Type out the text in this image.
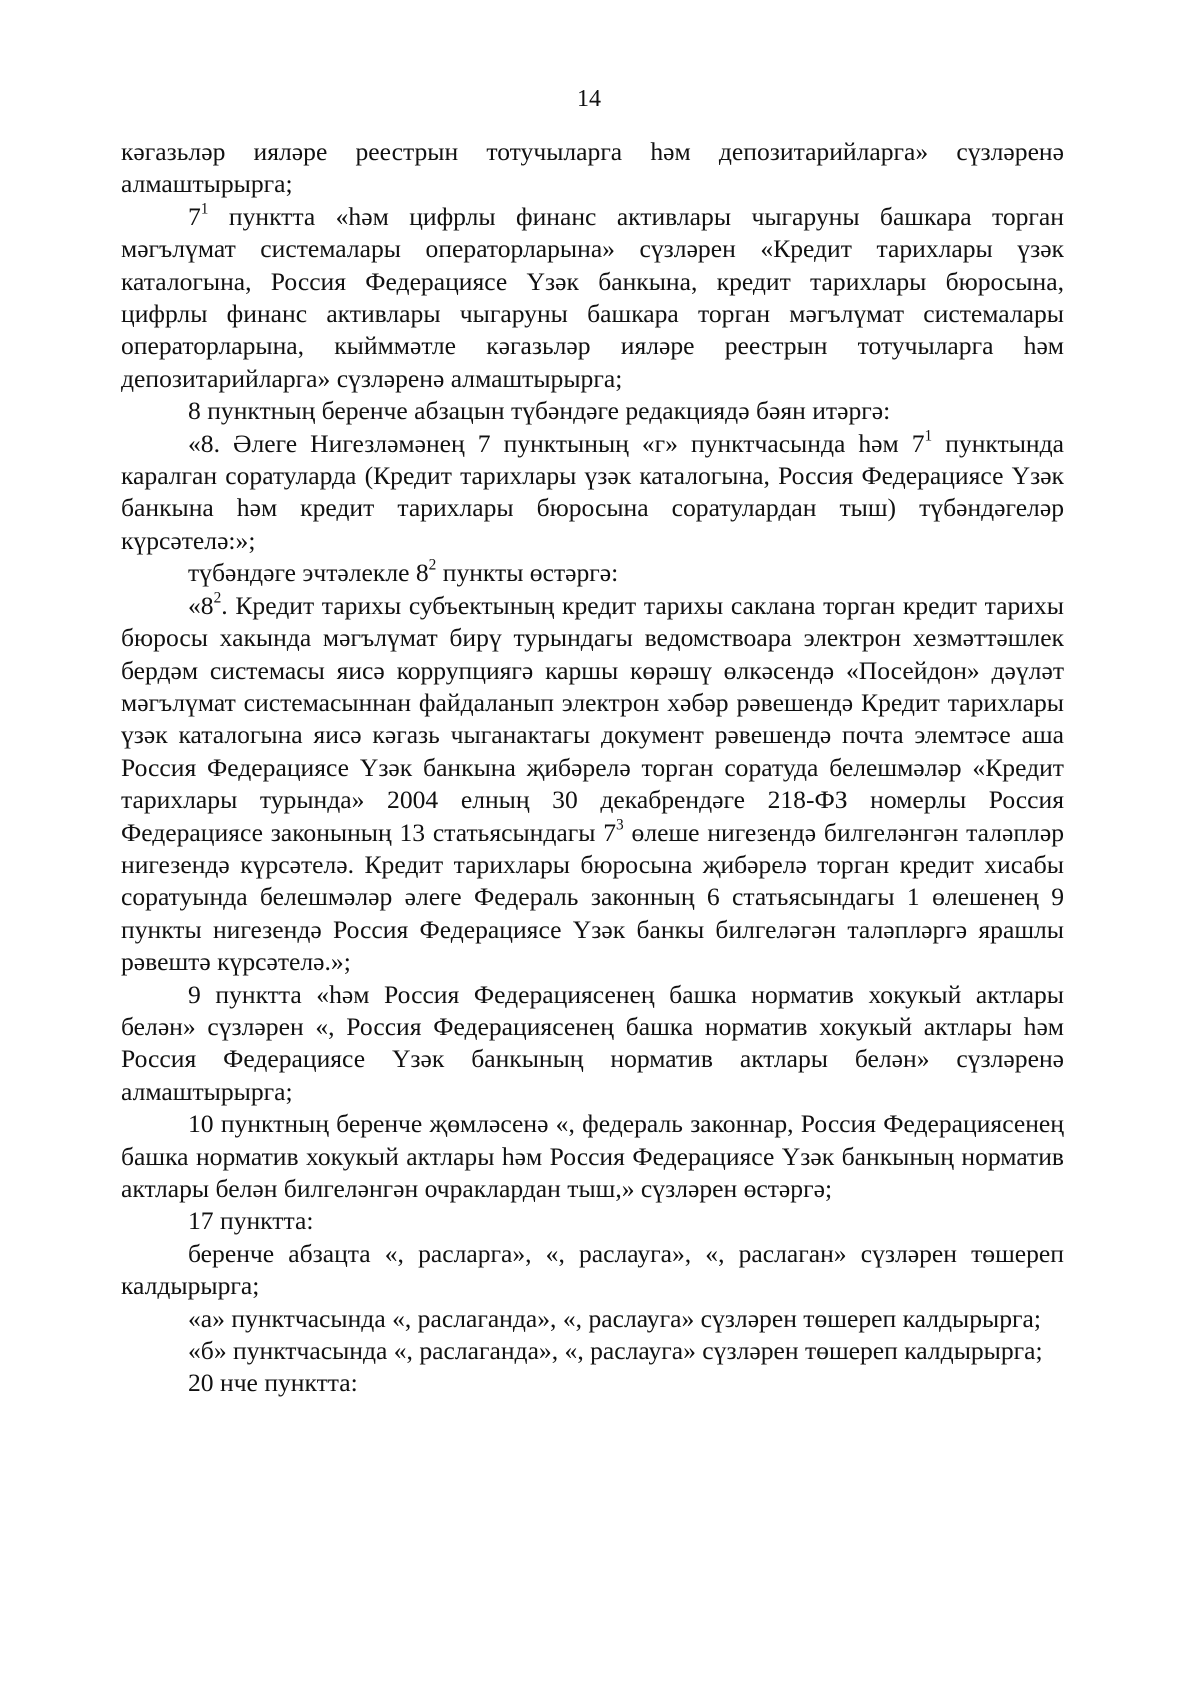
14

кәгазьләр ияләре реестрын тотучыларга һәм депозитарийларга» сүзләренә алмаштырырга;

$7^1$ пунктта «һәм цифрлы финанс активлары чыгаруны башкара торган мәгълүмат системалары операторларына» сүзләрен «Кредит тарихлары үзәк каталогына, Россия Федерациясе Үзәк банкына, кредит тарихлары бюросына, цифрлы финанс активлары чыгаруны башкара торган мәгълүмат системалары операторларына, кыйммәтле кәгазьләр ияләре реестрын тотучыларга һәм депозитарийларга» сүзләренә алмаштырырга;

8 пунктның беренче абзацын түбәндәге редакциядә бәян итәргә:

«8. Әлеге Нигезләмәнең 7 пунктының «г» пунктчасында һәм $7^1$ пунктында каралган соратуларда (Кредит тарихлары үзәк каталогына, Россия Федерациясе Үзәк банкына һәм кредит тарихлары бюросына соратулардан тыш) түбәндәгеләр күрсәтелә:»;

түбәндәге эчтәлекле $8^2$ пункты өстәргә:

«$8^2$. Кредит тарихы субъектының кредит тарихы саклана торган кредит тарихы бюросы хакында мәгълүмат бирү турындагы ведомствоара электрон хезмәттәшлек бердәм системасы яисә коррупциягә каршы көрәшү өлкәсендә «Посейдон» дәүләт мәгълүмат системасыннан файдаланып электрон хәбәр рәвешендә Кредит тарихлары үзәк каталогына яисә кәгазь чыганактагы документ рәвешендә почта элемтәсе аша Россия Федерациясе Үзәк банкына җибәрелә торган соратуда белешмәләр «Кредит тарихлары турында» 2004 елның 30 декабрендәге 218-ФЗ номерлы Россия Федерациясе законының 13 статьясындагы $7^3$ өлеше нигезендә билгеләнгән таләпләр нигезендә күрсәтелә. Кредит тарихлары бюросына җибәрелә торган кредит хисабы соратуында белешмәләр әлеге Федераль законның 6 статьясындагы 1 өлешенең 9 пункты нигезендә Россия Федерациясе Үзәк банкы билгеләгән таләпләргә ярашлы рәвештә күрсәтелә.»;

9 пунктта «һәм Россия Федерациясенең башка норматив хокукый актлары белән» сүзләрен «, Россия Федерациясенең башка норматив хокукый актлары һәм Россия Федерациясе Үзәк банкының норматив актлары белән» сүзләренә алмаштырырга;

10 пунктның беренче җөмләсенә «, федераль законнар, Россия Федерациясенең башка норматив хокукый актлары һәм Россия Федерациясе Үзәк банкының норматив актлары белән билгеләнгән очраклардан тыш,» сүзләрен өстәргә;

17 пунктта:

беренче абзацта «, расларга», «, раслауга», «, раслаган» сүзләрен төшереп калдырырга;

«а» пунктчасында «, раслаганда», «, раслауга» сүзләрен төшереп калдырырга;

«б» пунктчасында «, раслаганда», «, раслауга» сүзләрен төшереп калдырырга;

20 нче пунктта:
